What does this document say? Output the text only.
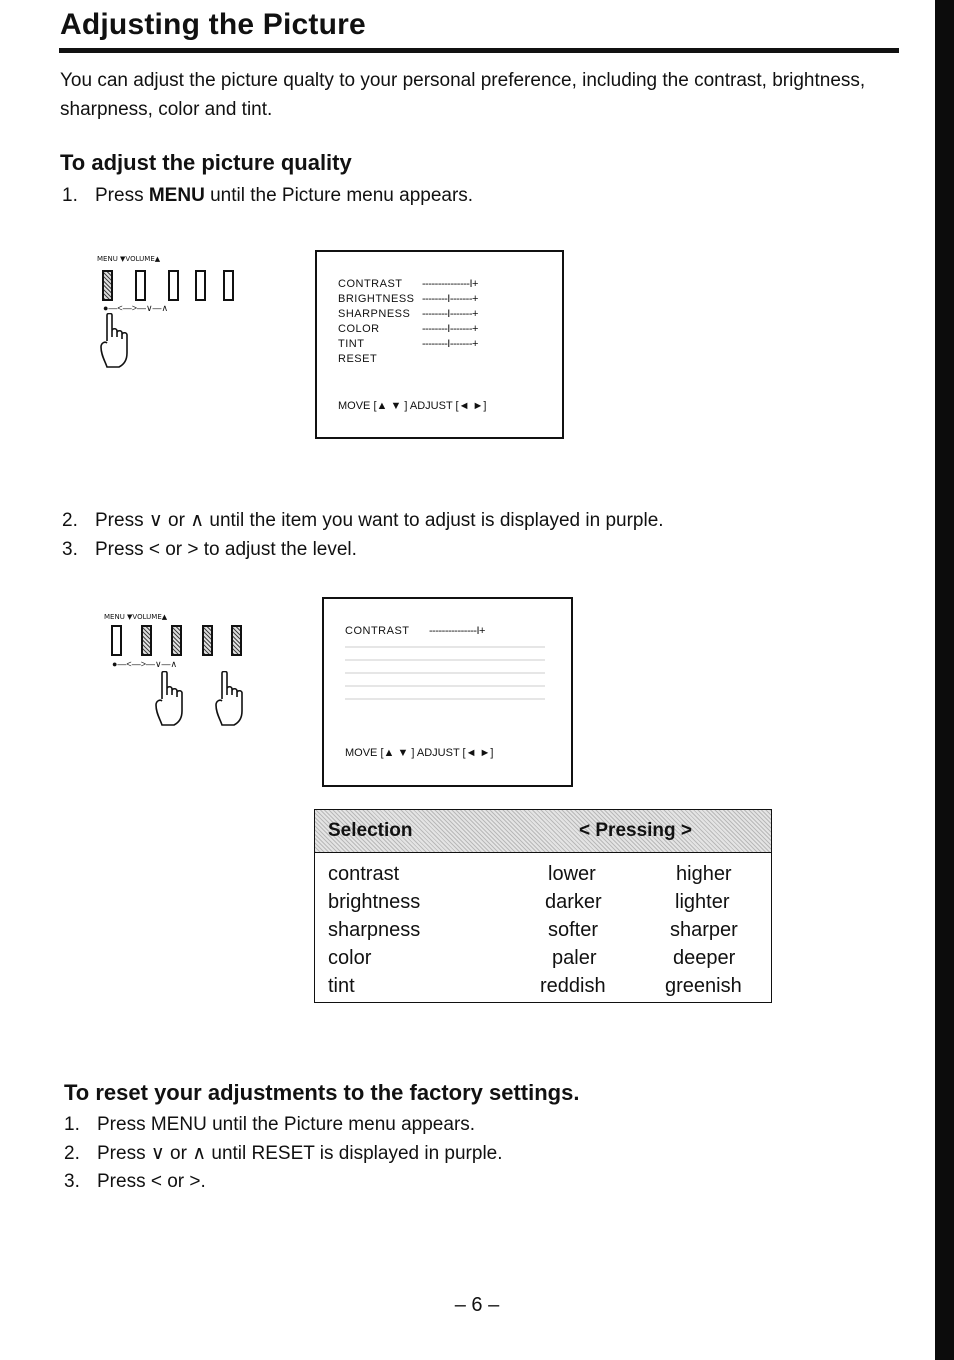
Adjusting the Picture

You can adjust the picture qualty to your personal preference, including the contrast, brightness, sharpness, color and tint.

To adjust the picture quality
1. Press MENU until the Picture menu appears.
MENU ▼VOLUME▲
●—<—>—∨—∧
CONTRAST ---------------I+
BRIGHTNESS --------I-------+
SHARPNESS --------I-------+
COLOR	--------I-------+
TINT	--------I-------+
RESET
MOVE [▲ ▼ ] ADJUST [◄ ►]
2. Press ∨ or ∧ until the item you want to adjust is displayed in purple.
3. Press < or > to adjust the level.
MENU ▼VOLUME▲
●—<—>—∨—∧
CONTRAST ---------------I+
MOVE [▲ ▼ ] ADJUST [◄ ►]
Selection	< Pressing >
contrast	lower	higher
brightness	darker	lighter
sharpness	softer	sharper
color	paler	deeper
tint	reddish	greenish
To reset your adjustments to the factory settings.
1. Press MENU until the Picture menu appears.
2. Press ∨ or ∧ until RESET is displayed in purple.
3. Press < or >.
– 6 –
